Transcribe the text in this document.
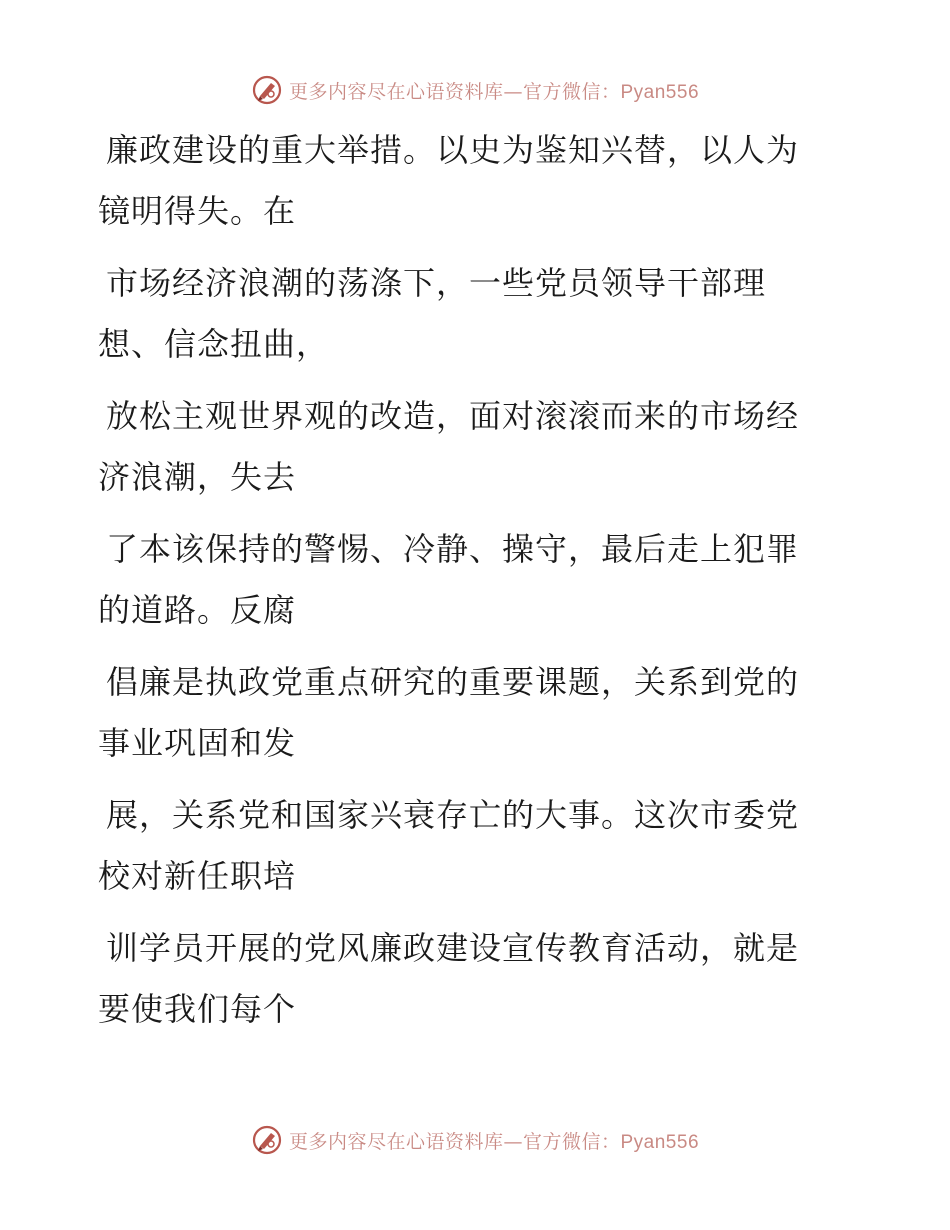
更多内容尽在心语资料库—官方微信：Pyan556

廉政建设的重大举措。以史为鉴知兴替，以人为
镜明得失。在

市场经济浪潮的荡涤下，一些党员领导干部理
想、信念扭曲，

放松主观世界观的改造，面对滚滚而来的市场经
济浪潮，失去

了本该保持的警惕、冷静、操守，最后走上犯罪
的道路。反腐

倡廉是执政党重点研究的重要课题，关系到党的
事业巩固和发

展，关系党和国家兴衰存亡的大事。这次市委党
校对新任职培

训学员开展的党风廉政建设宣传教育活动，就是
要使我们每个

更多内容尽在心语资料库—官方微信：Pyan556
